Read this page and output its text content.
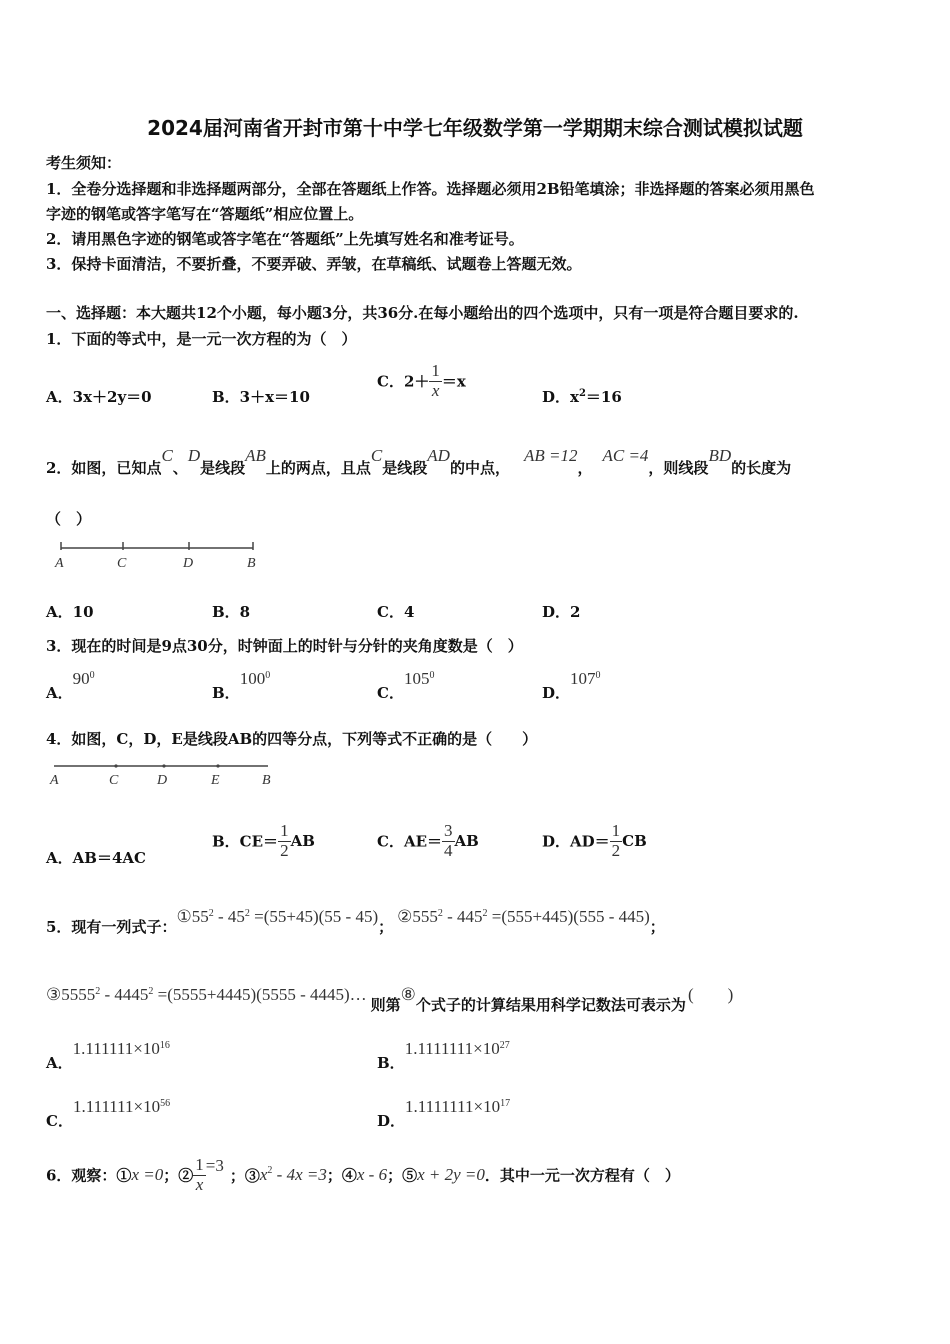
2024届河南省开封市第十中学七年级数学第一学期期末综合测试模拟试题
考生须知：
1．全卷分选择题和非选择题两部分，全部在答题纸上作答。选择题必须用2B铅笔填涂；非选择题的答案必须用黑色
字迹的钢笔或答字笔写在“答题纸”相应位置上。
2．请用黑色字迹的钢笔或答字笔在“答题纸”上先填写姓名和准考证号。
3．保持卡面清洁，不要折叠，不要弄破、弄皱，在草稿纸、试题卷上答题无效。
一、选择题：本大题共12个小题，每小题3分，共36分.在每小题给出的四个选项中，只有一项是符合题目要求的.
1．下面的等式中，是一元一次方程的为（　）
A．3x＋2y＝0	B．3＋x＝10
C．$2+ \frac{1}{x} =x$
D．$x^2=16$
2．如图，已知点C、D是线段AB上的两点，且点C是线段AD的中点，AB =12，AC =4，则线段BD的长度为
（　）
A	C	D	B
A．10	B．8	C．4	D．2
3．现在的时间是9点30分，时钟面上的时针与分针的夹角度数是（　）
A．$90^0$
B．$100^0$
C．$105^0$
D．$107^0$
4．如图，C，D，E是线段AB的四等分点，下列等式不正确的是（　　）
A	C	D	E	B
A．AB＝4AC
B．$CE= \frac{1}{2}$ AB	C．$AE= \frac{3}{4}$ AB	D．$AD= \frac{1}{2}$ CB
5．现有一列式子：$①55^2 - 45^2 =(55+45)(55 - 45)$；$②555^2 - 445^2 =(555+445)(555 - 445)$；
③5555$^2$ - $4445^2 =(5555+4445)(5555$ - 4445)…则第⑧个式子的计算结果用科学记数法可表示为(　　)
A．$1.111111\times 10^{16}$
B．$1.1111111\times 10^{27}$
C．$1.111111\times 10^{56}$
D．$1.1111111\times 10^{17}$
6．观察：①x =0；② $\frac{1}{x} =3$；$③x^2 - 4x =3$；④x - 6；⑤x + 2y =0．其中一元一次方程有（　）
